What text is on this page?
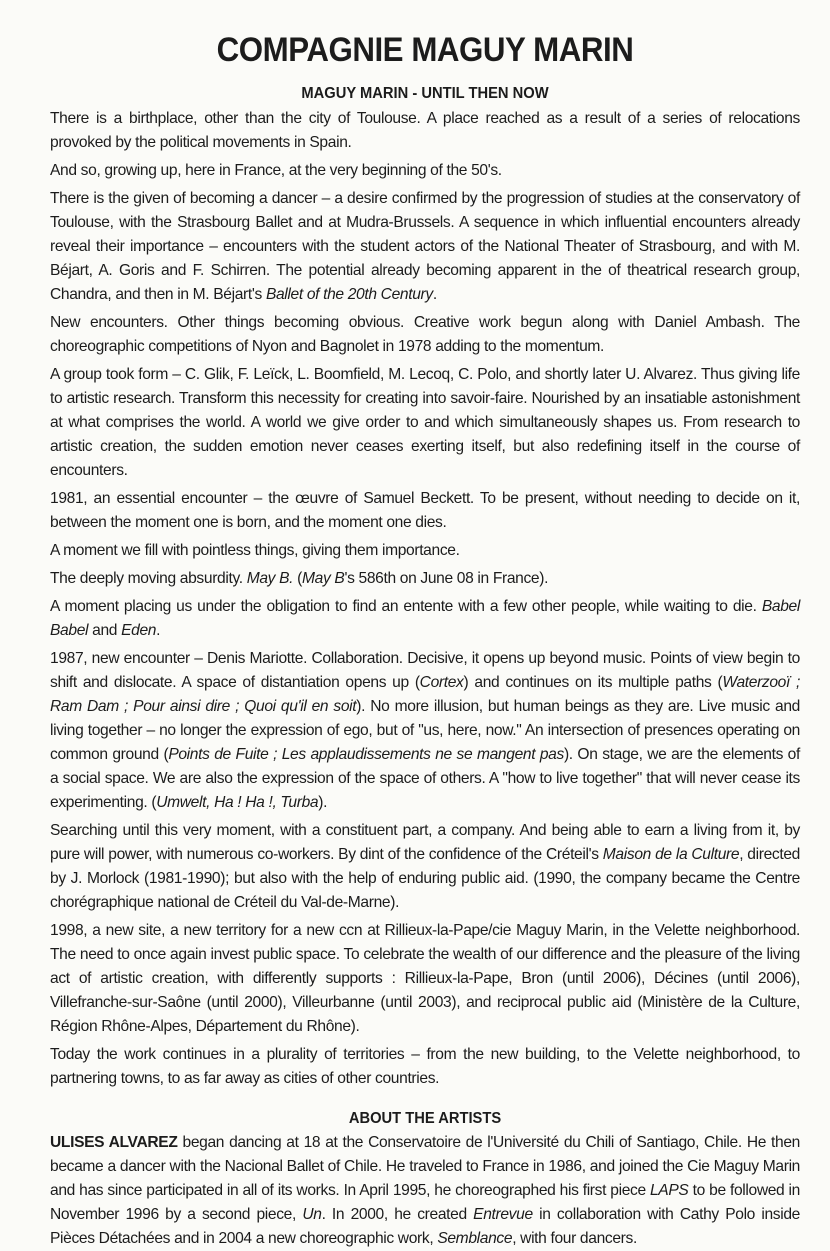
COMPAGNIE MAGUY MARIN
MAGUY MARIN - UNTIL THEN NOW

There is a birthplace, other than the city of Toulouse. A place reached as a result of a series of relocations provoked by the political movements in Spain.

And so, growing up, here in France, at the very beginning of the 50's.

There is the given of becoming a dancer – a desire confirmed by the progression of studies at the conservatory of Toulouse, with the Strasbourg Ballet and at Mudra-Brussels. A sequence in which influential encounters already reveal their importance – encounters with the student actors of the National Theater of Strasbourg, and with M. Béjart, A. Goris and F. Schirren. The potential already becoming apparent in the of theatrical research group, Chandra, and then in M. Béjart's Ballet of the 20th Century.

New encounters. Other things becoming obvious. Creative work begun along with Daniel Ambash. The choreographic competitions of Nyon and Bagnolet in 1978 adding to the momentum.

A group took form – C. Glik, F. Leïck, L. Boomfield, M. Lecoq, C. Polo, and shortly later U. Alvarez. Thus giving life to artistic research. Transform this necessity for creating into savoir-faire. Nourished by an insatiable astonishment at what comprises the world. A world we give order to and which simultaneously shapes us. From research to artistic creation, the sudden emotion never ceases exerting itself, but also redefining itself in the course of encounters.

1981, an essential encounter – the œuvre of Samuel Beckett. To be present, without needing to decide on it, between the moment one is born, and the moment one dies.

A moment we fill with pointless things, giving them importance.

The deeply moving absurdity. May B. (May B's 586th on June 08 in France).

A moment placing us under the obligation to find an entente with a few other people, while waiting to die. Babel Babel and Eden.

1987, new encounter – Denis Mariotte. Collaboration. Decisive, it opens up beyond music. Points of view begin to shift and dislocate. A space of distantiation opens up (Cortex) and continues on its multiple paths (Waterzooï ; Ram Dam ; Pour ainsi dire ; Quoi qu'il en soit). No more illusion, but human beings as they are. Live music and living together – no longer the expression of ego, but of "us, here, now." An intersection of presences operating on common ground (Points de Fuite ; Les applaudissements ne se mangent pas). On stage, we are the elements of a social space. We are also the expression of the space of others. A "how to live together" that will never cease its experimenting. (Umwelt, Ha ! Ha !, Turba).

Searching until this very moment, with a constituent part, a company. And being able to earn a living from it, by pure will power, with numerous co-workers. By dint of the confidence of the Créteil's Maison de la Culture, directed by J. Morlock (1981-1990); but also with the help of enduring public aid. (1990, the company became the Centre chorégraphique national de Créteil du Val-de-Marne).

1998, a new site, a new territory for a new ccn at Rillieux-la-Pape/cie Maguy Marin, in the Velette neighborhood. The need to once again invest public space. To celebrate the wealth of our difference and the pleasure of the living act of artistic creation, with differently supports : Rillieux-la-Pape, Bron (until 2006), Décines (until 2006), Villefranche-sur-Saône (until 2000), Villeurbanne (until 2003), and reciprocal public aid (Ministère de la Culture, Région Rhône-Alpes, Département du Rhône).

Today the work continues in a plurality of territories – from the new building, to the Velette neighborhood, to partnering towns, to as far away as cities of other countries.

ABOUT THE ARTISTS

ULISES ALVAREZ began dancing at 18 at the Conservatoire de l'Université du Chili of Santiago, Chile. He then became a dancer with the Nacional Ballet of Chile. He traveled to France in 1986, and joined the Cie Maguy Marin and has since participated in all of its works. In April 1995, he choreographed his first piece LAPS to be followed in November 1996 by a second piece, Un. In 2000, he created Entrevue in collaboration with Cathy Polo inside Pièces Détachées and in 2004 a new choreographic work, Semblance, with four dancers.
